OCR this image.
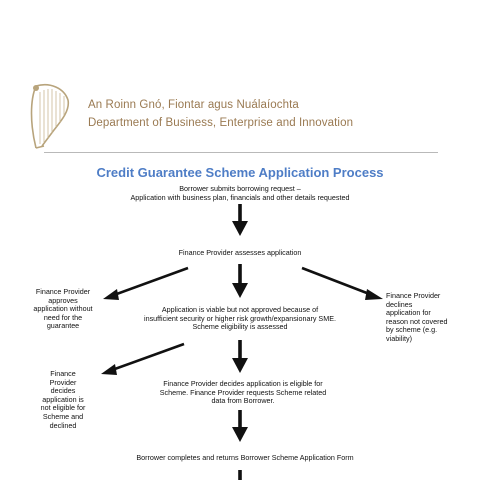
An Roinn Gnó, Fiontar agus Nuálaíochta
Department of Business, Enterprise and Innovation
Credit Guarantee Scheme Application Process
Borrower submits borrowing request –
Application with business plan, financials and other details requested
Finance Provider assesses application
Finance Provider
approves
application without
need for the
guarantee
Finance Provider
declines
application for
reason not covered
by scheme (e.g.
viability)
Application is viable but not approved because of
insufficient security or higher risk growth/expansionary SME.
Scheme eligibility is assessed
Finance
Provider
decides
application is
not eligible for
Scheme and
declined
Finance Provider decides application is eligible for
Scheme. Finance Provider requests Scheme related
data from Borrower.
Borrower completes and returns Borrower Scheme Application Form
